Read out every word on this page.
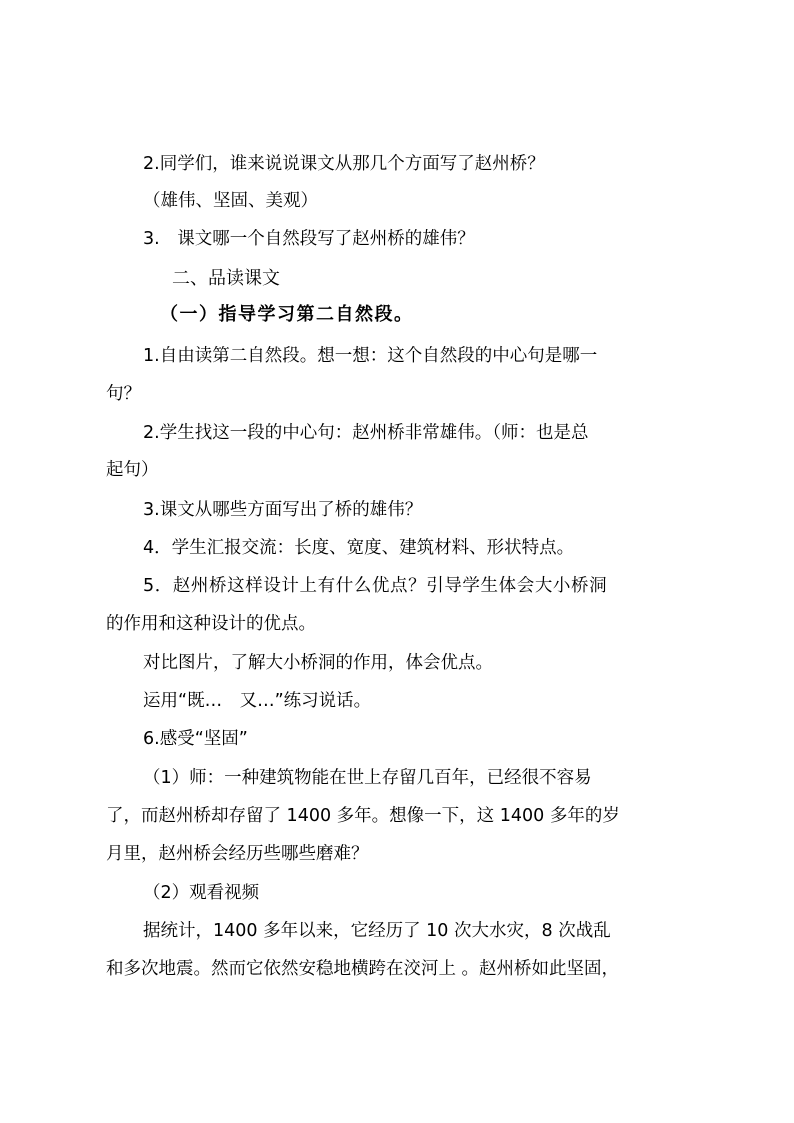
2.同学们，谁来说说课文从那几个方面写了赵州桥？

（雄伟、坚固、美观）

3.　课文哪一个自然段写了赵州桥的雄伟？

二、品读课文

（一）指导学习第二自然段。

1.自由读第二自然段。想一想：这个自然段的中心句是哪一

句？

2.学生找这一段的中心句：赵州桥非常雄伟。（师：也是总

起句）

3.课文从哪些方面写出了桥的雄伟？

4．学生汇报交流：长度、宽度、建筑材料、形状特点。

5．赵州桥这样设计上有什么优点？引导学生体会大小桥洞

的作用和这种设计的优点。

对比图片，了解大小桥洞的作用，体会优点。

运用“既…　又…”练习说话。

6.感受“坚固”

（1）师：一种建筑物能在世上存留几百年，已经很不容易

了，而赵州桥却存留了 1400 多年。想像一下，这 1400 多年的岁

月里，赵州桥会经历些哪些磨难？

（2）观看视频

据统计，1400 多年以来，它经历了 10 次大水灾，8 次战乱

和多次地震。然而它依然安稳地横跨在洨河上 。赵州桥如此坚固，
